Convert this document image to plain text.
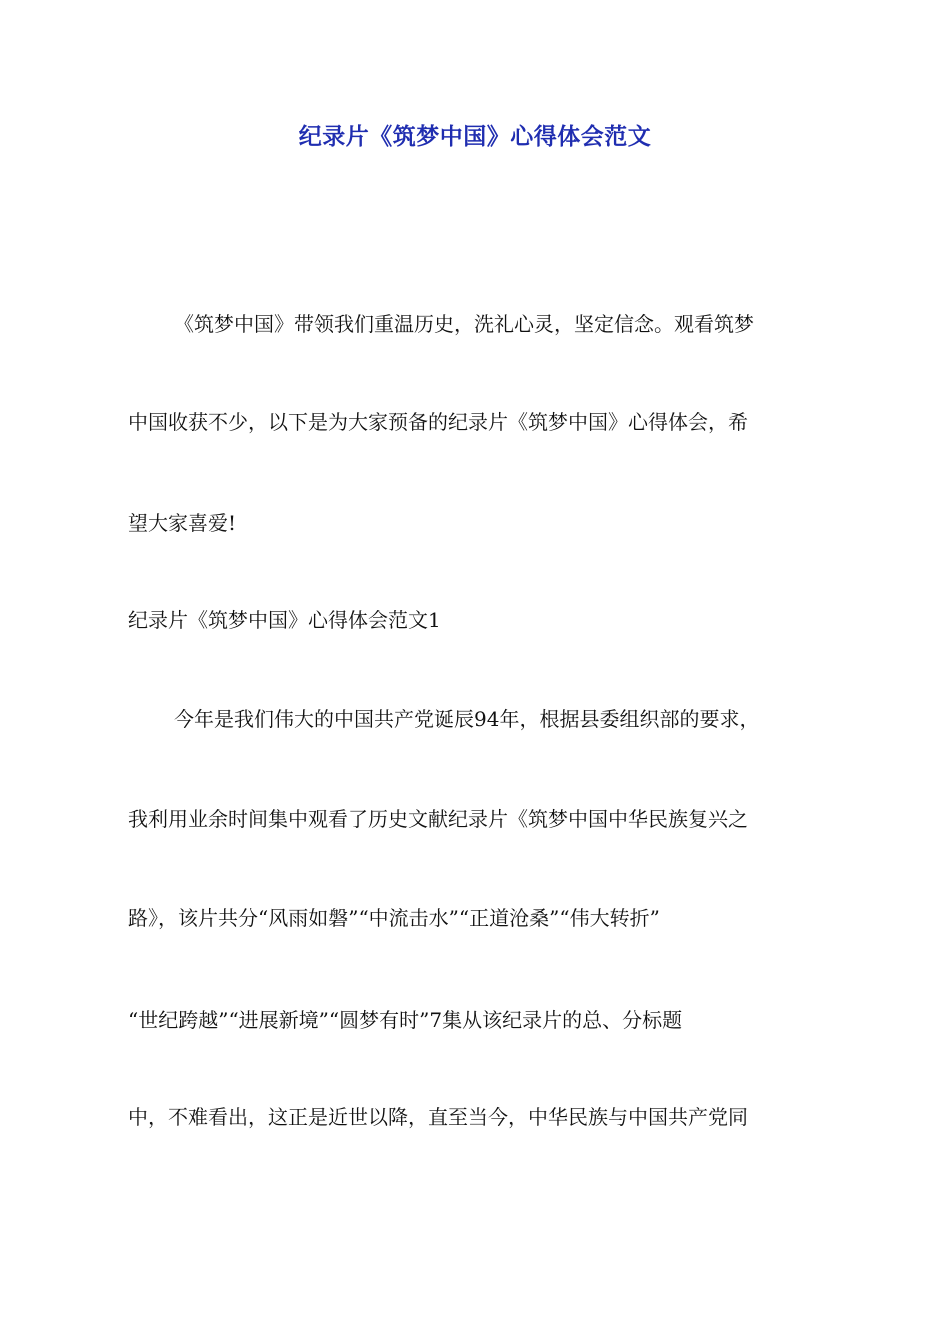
纪录片《筑梦中国》心得体会范文
《筑梦中国》带领我们重温历史，洗礼心灵，坚定信念。观看筑梦
中国收获不少，以下是为大家预备的纪录片《筑梦中国》心得体会，希
望大家喜爱!
纪录片《筑梦中国》心得体会范文1
今年是我们伟大的中国共产党诞辰94年，根据县委组织部的要求，
我利用业余时间集中观看了历史文献纪录片《筑梦中国中华民族复兴之
路》，该片共分“风雨如磐”“中流击水”“正道沧桑”“伟大转折”
“世纪跨越”“进展新境”“圆梦有时”7集从该纪录片的总、分标题
中，不难看出，这正是近世以降，直至当今，中华民族与中国共产党同
